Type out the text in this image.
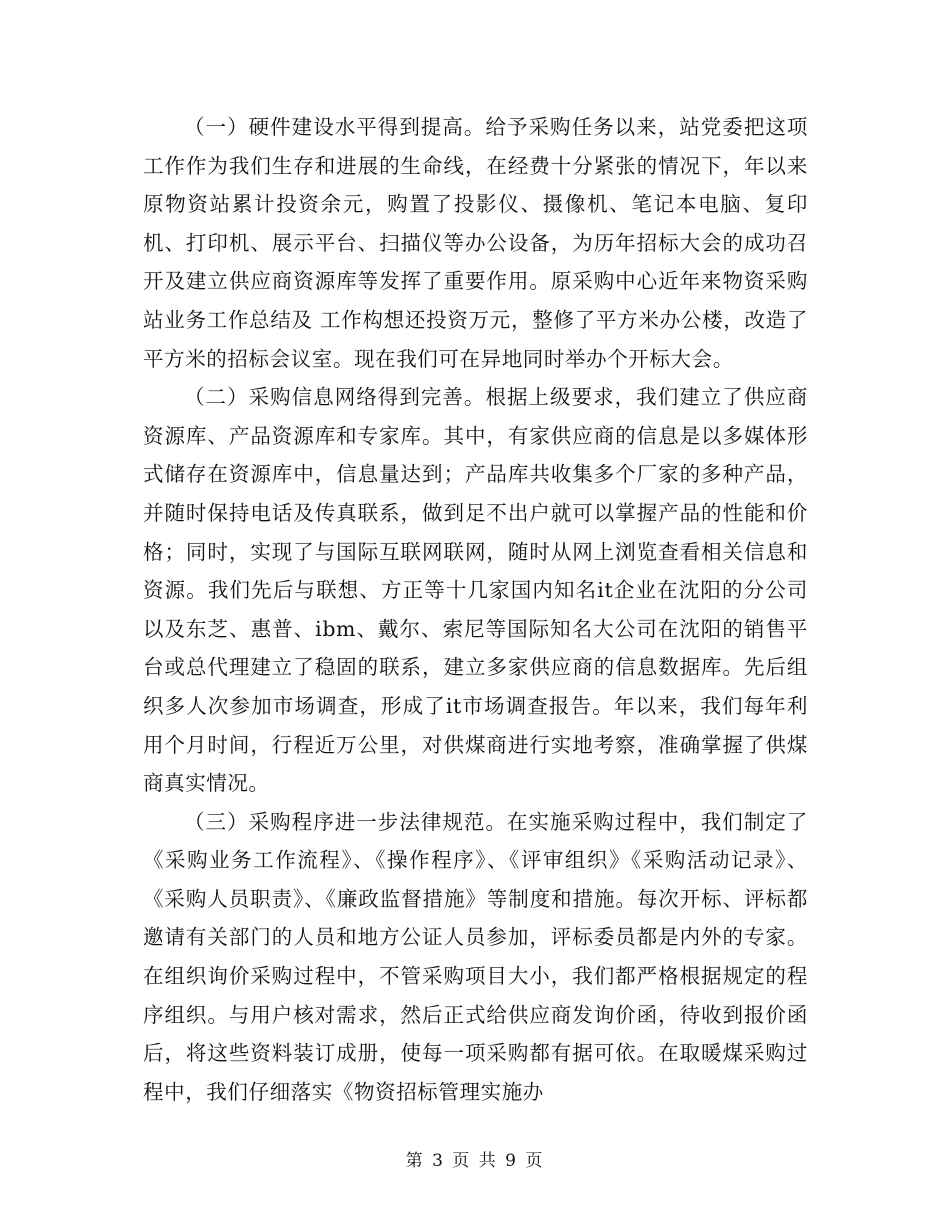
（一）硬件建设水平得到提高。给予采购任务以来，站党委把这项工作作为我们生存和进展的生命线，在经费十分紧张的情况下，年以来原物资站累计投资余元，购置了投影仪、摄像机、笔记本电脑、复印机、打印机、展示平台、扫描仪等办公设备，为历年招标大会的成功召开及建立供应商资源库等发挥了重要作用。原采购中心近年来物资采购站业务工作总结及 工作构想还投资万元，整修了平方米办公楼，改造了平方米的招标会议室。现在我们可在异地同时举办个开标大会。

（二）采购信息网络得到完善。根据上级要求，我们建立了供应商资源库、产品资源库和专家库。其中，有家供应商的信息是以多媒体形式储存在资源库中，信息量达到；产品库共收集多个厂家的多种产品，并随时保持电话及传真联系，做到足不出户就可以掌握产品的性能和价格；同时，实现了与国际互联网联网，随时从网上浏览查看相关信息和资源。我们先后与联想、方正等十几家国内知名it企业在沈阳的分公司以及东芝、惠普、ibm、戴尔、索尼等国际知名大公司在沈阳的销售平台或总代理建立了稳固的联系，建立多家供应商的信息数据库。先后组织多人次参加市场调查，形成了it市场调查报告。年以来，我们每年利用个月时间，行程近万公里，对供煤商进行实地考察，准确掌握了供煤商真实情况。

（三）采购程序进一步法律规范。在实施采购过程中，我们制定了《采购业务工作流程》、《操作程序》、《评审组织》《采购活动记录》、《采购人员职责》、《廉政监督措施》等制度和措施。每次开标、评标都邀请有关部门的人员和地方公证人员参加，评标委员都是内外的专家。在组织询价采购过程中，不管采购项目大小，我们都严格根据规定的程序组织。与用户核对需求，然后正式给供应商发询价函，待收到报价函后，将这些资料装订成册，使每一项采购都有据可依。在取暖煤采购过程中，我们仔细落实《物资招标管理实施办

第 3 页 共 9 页
